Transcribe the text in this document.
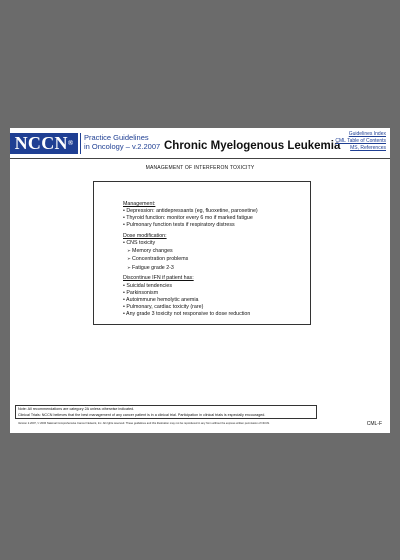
NCCN®
Practice Guidelines
in Oncology – v.2.2007 Chronic Myelogenous Leukemia
Guidelines Index
CML Table of Contents
MS, References
MANAGEMENT OF INTERFERON TOXICITY
Management:
• Depression: antidepressants (eg, fluoxetine, paroxetine)
• Thyroid function: monitor every 6 mo if marked fatigue
• Pulmonary function tests if respiratory distress
Dose modification:
• CNS toxicity
➢ Memory changes
➢ Concentration problems
➢ Fatigue grade 2-3
Discontinue IFN if patient has:
• Suicidal tendencies
• Parkinsonism
• Autoimmune hemolytic anemia
• Pulmonary, cardiac toxicity (rare)
• Any grade 3 toxicity not responsive to dose reduction
Note: All recommendations are category 2A unless otherwise indicated.
Clinical Trials: NCCN believes that the best management of any cancer patient is in a clinical trial. Participation in clinical trials is especially encouraged.
Version 2.2007, © 2006 National Comprehensive Cancer Network, Inc. All rights reserved. These guidelines and this illustration may not be reproduced in any form without the express written permission of NCCN.	CML-F
